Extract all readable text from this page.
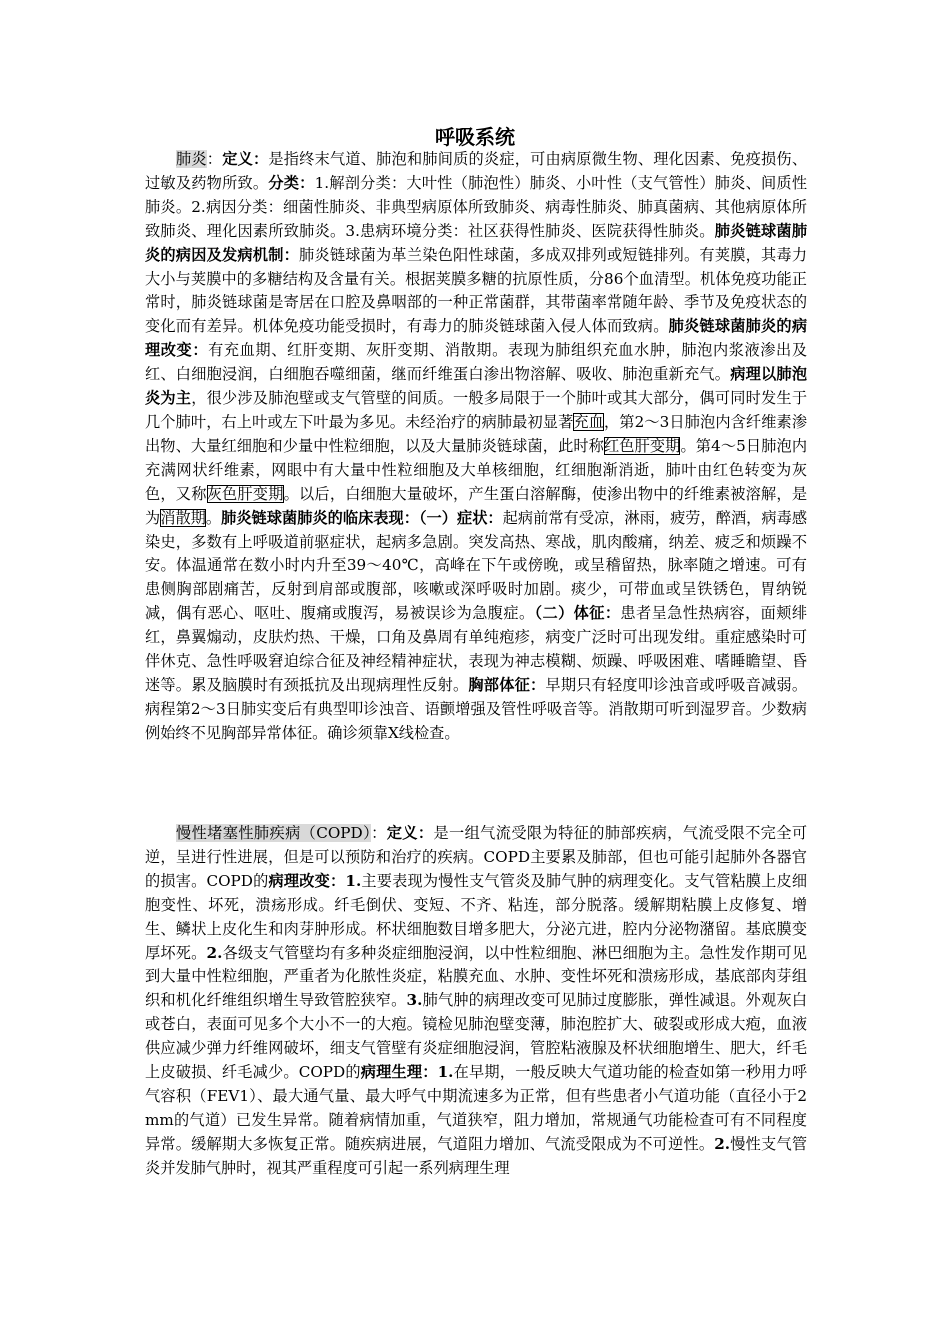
呼吸系统

肺炎：定义：是指终末气道、肺泡和肺间质的炎症，可由病原微生物、理化因素、免疫损伤、过敏及药物所致。分类：1.解剖分类：大叶性（肺泡性）肺炎、小叶性（支气管性）肺炎、间质性肺炎。2.病因分类：细菌性肺炎、非典型病原体所致肺炎、病毒性肺炎、肺真菌病、其他病原体所致肺炎、理化因素所致肺炎。3.患病环境分类：社区获得性肺炎、医院获得性肺炎。肺炎链球菌肺炎的病因及发病机制：肺炎链球菌为革兰染色阳性球菌，多成双排列或短链排列。有荚膜，其毒力大小与荚膜中的多糖结构及含量有关。根据荚膜多糖的抗原性质，分86个血清型。机体免疫功能正常时，肺炎链球菌是寄居在口腔及鼻咽部的一种正常菌群，其带菌率常随年龄、季节及免疫状态的变化而有差异。机体免疫功能受损时，有毒力的肺炎链球菌入侵人体而致病。肺炎链球菌肺炎的病理改变：有充血期、红肝变期、灰肝变期、消散期。表现为肺组织充血水肿，肺泡内浆液渗出及红、白细胞浸润，白细胞吞噬细菌，继而纤维蛋白渗出物溶解、吸收、肺泡重新充气。病理以肺泡炎为主，很少涉及肺泡壁或支气管壁的间质。一般多局限于一个肺叶或其大部分，偶可同时发生于几个肺叶，右上叶或左下叶最为多见。未经治疗的病肺最初显著充血，第2～3日肺泡内含纤维素渗出物、大量红细胞和少量中性粒细胞，以及大量肺炎链球菌，此时称红色肝变期。第4～5日肺泡内充满网状纤维素，网眼中有大量中性粒细胞及大单核细胞，红细胞渐消逝，肺叶由红色转变为灰色，又称灰色肝变期。以后，白细胞大量破坏，产生蛋白溶解酶，使渗出物中的纤维素被溶解，是为消散期。肺炎链球菌肺炎的临床表现：（一）症状：起病前常有受凉，淋雨，疲劳，醉酒，病毒感染史，多数有上呼吸道前驱症状，起病多急剧。突发高热、寒战，肌肉酸痛，纳差、疲乏和烦躁不安。体温通常在数小时内升至39～40℃，高峰在下午或傍晚，或呈稽留热，脉率随之增速。可有患侧胸部剧痛苦，反射到肩部或腹部，咳嗽或深呼吸时加剧。痰少，可带血或呈铁锈色，胃纳锐减，偶有恶心、呕吐、腹痛或腹泻，易被误诊为急腹症。（二）体征：患者呈急性热病容，面颊绯红，鼻翼煽动，皮肤灼热、干燥，口角及鼻周有单纯疱疹，病变广泛时可出现发绀。重症感染时可伴休克、急性呼吸窘迫综合征及神经精神症状，表现为神志模糊、烦躁、呼吸困难、嗜睡瞻望、昏迷等。累及脑膜时有颈抵抗及出现病理性反射。胸部体征：早期只有轻度叩诊浊音或呼吸音减弱。病程第2～3日肺实变后有典型叩诊浊音、语颤增强及管性呼吸音等。消散期可听到湿罗音。少数病例始终不见胸部异常体征。确诊须靠X线检查。

慢性堵塞性肺疾病（COPD）：定义：是一组气流受限为特征的肺部疾病，气流受限不完全可逆，呈进行性进展，但是可以预防和治疗的疾病。COPD主要累及肺部，但也可能引起肺外各器官的损害。COPD的病理改变：1.主要表现为慢性支气管炎及肺气肿的病理变化。支气管粘膜上皮细胞变性、坏死，溃疡形成。纤毛倒伏、变短、不齐、粘连，部分脱落。缓解期粘膜上皮修复、增生、鳞状上皮化生和肉芽肿形成。杯状细胞数目增多肥大，分泌亢进，腔内分泌物潴留。基底膜变厚坏死。2.各级支气管壁均有多种炎症细胞浸润，以中性粒细胞、淋巴细胞为主。急性发作期可见到大量中性粒细胞，严重者为化脓性炎症，粘膜充血、水肿、变性坏死和溃疡形成，基底部肉芽组织和机化纤维组织增生导致管腔狭窄。3.肺气肿的病理改变可见肺过度膨胀，弹性减退。外观灰白或苍白，表面可见多个大小不一的大疱。镜检见肺泡壁变薄，肺泡腔扩大、破裂或形成大疱，血液供应减少弹力纤维网破坏，细支气管壁有炎症细胞浸润，管腔粘液腺及杯状细胞增生、肥大，纤毛上皮破损、纤毛减少。COPD的病理生理：1.在早期，一般反映大气道功能的检查如第一秒用力呼气容积（FEV1）、最大通气量、最大呼气中期流速多为正常，但有些患者小气道功能（直径小于2mm的气道）已发生异常。随着病情加重，气道狭窄，阻力增加，常规通气功能检查可有不同程度异常。缓解期大多恢复正常。随疾病进展，气道阻力增加、气流受限成为不可逆性。2.慢性支气管炎并发肺气肿时，视其严重程度可引起一系列病理生理
